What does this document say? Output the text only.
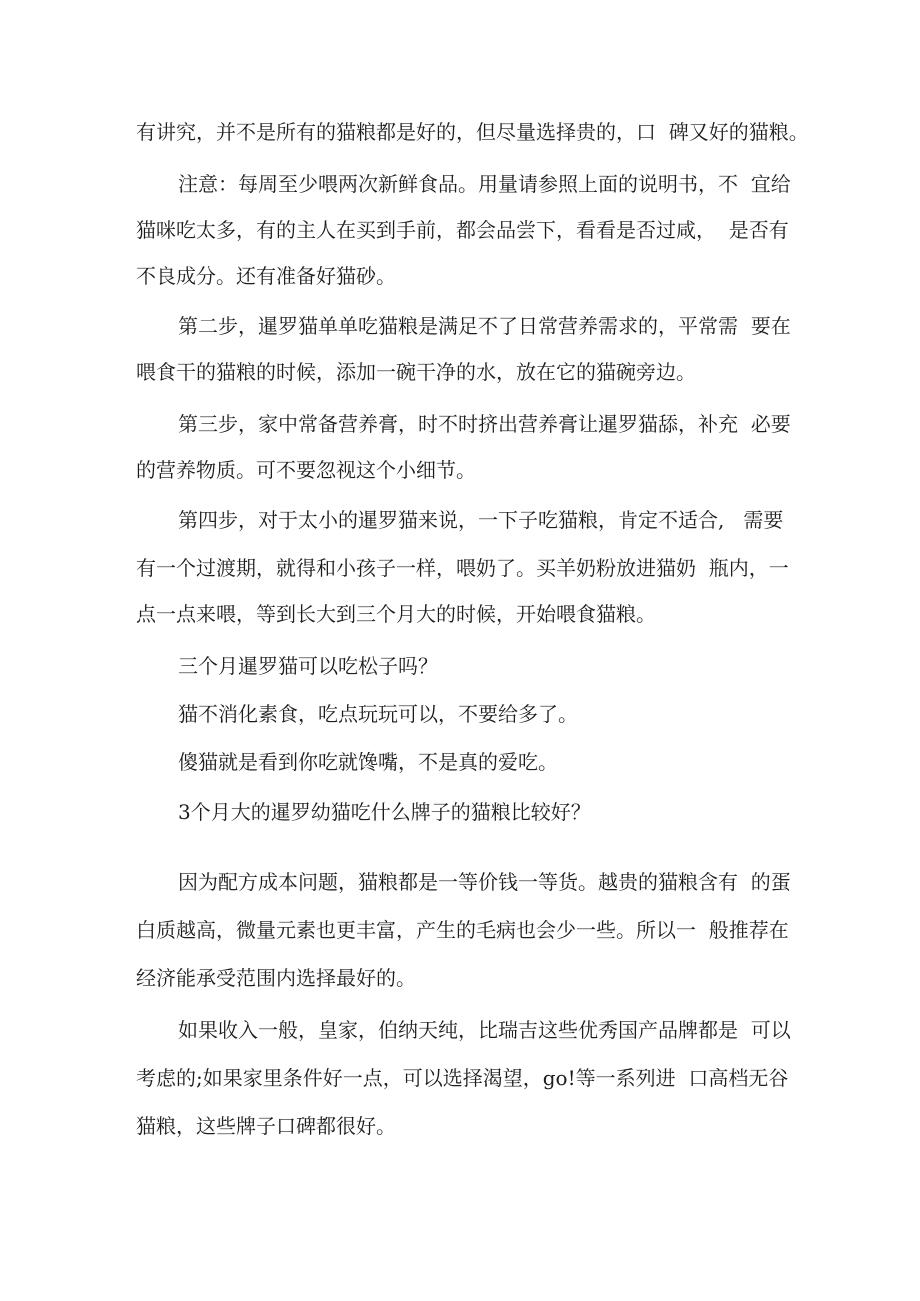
有讲究，并不是所有的猫粮都是好的，但尽量选择贵的，口  碑又好的猫粮。

注意：每周至少喂两次新鲜食品。用量请参照上面的说明书，不  宜给

猫咪吃太多，有的主人在买到手前，都会品尝下，看看是否过咸，  是否有

不良成分。还有准备好猫砂。

第二步，暹罗猫单单吃猫粮是满足不了日常营养需求的，平常需  要在

喂食干的猫粮的时候，添加一碗干净的水，放在它的猫碗旁边。

第三步，家中常备营养膏，时不时挤出营养膏让暹罗猫舔，补充  必要

的营养物质。可不要忽视这个小细节。

第四步，对于太小的暹罗猫来说，一下子吃猫粮，肯定不适合,   需要

有一个过渡期，就得和小孩子一样，喂奶了。买羊奶粉放进猫奶  瓶内，一

点一点来喂，等到长大到三个月大的时候，开始喂食猫粮。

三个月暹罗猫可以吃松子吗？

猫不消化素食，吃点玩玩可以，不要给多了。

傻猫就是看到你吃就馋嘴，不是真的爱吃。

3个月大的暹罗幼猫吃什么牌子的猫粮比较好？

因为配方成本问题，猫粮都是一等价钱一等货。越贵的猫粮含有  的蛋

白质越高，微量元素也更丰富，产生的毛病也会少一些。所以一  般推荐在

经济能承受范围内选择最好的。

如果收入一般，皇家，伯纳天纯，比瑞吉这些优秀国产品牌都是  可以

考虑的;如果家里条件好一点，可以选择渴望，go!等一系列进  口高档无谷

猫粮，这些牌子口碑都很好。
